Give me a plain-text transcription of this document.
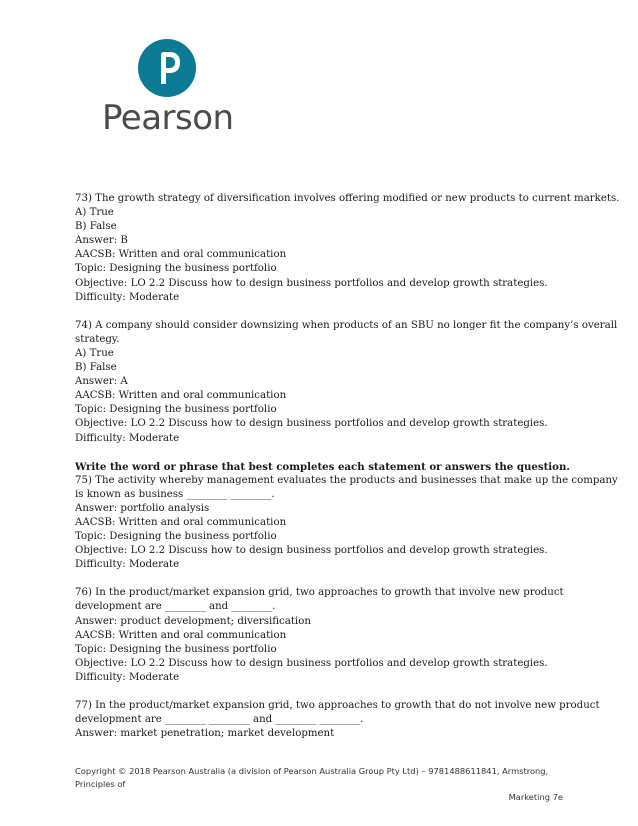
Pearson
73) The growth strategy of diversification involves offering modified or new products to current markets.
A) True
B) False
Answer: B
AACSB: Written and oral communication
Topic: Designing the business portfolio
Objective: LO 2.2 Discuss how to design business portfolios and develop growth strategies.
Difficulty: Moderate
74) A company should consider downsizing when products of an SBU no longer fit the company’s overall
strategy.
A) True
B) False
Answer: A
AACSB: Written and oral communication
Topic: Designing the business portfolio
Objective: LO 2.2 Discuss how to design business portfolios and develop growth strategies.
Difficulty: Moderate
Write the word or phrase that best completes each statement or answers the question.
75) The activity whereby management evaluates the products and businesses that make up the company
is known as business ________ ________.
Answer: portfolio analysis
AACSB: Written and oral communication
Topic: Designing the business portfolio
Objective: LO 2.2 Discuss how to design business portfolios and develop growth strategies.
Difficulty: Moderate
76) In the product/market expansion grid, two approaches to growth that involve new product
development are ________ and ________.
Answer: product development; diversification
AACSB: Written and oral communication
Topic: Designing the business portfolio
Objective: LO 2.2 Discuss how to design business portfolios and develop growth strategies.
Difficulty: Moderate
77) In the product/market expansion grid, two approaches to growth that do not involve new product
development are ________ ________ and ________ ________.
Answer: market penetration; market development
Copyright © 2018 Pearson Australia (a division of Pearson Australia Group Pty Ltd) – 9781488611841, Armstrong, Principles of
Marketing 7e
